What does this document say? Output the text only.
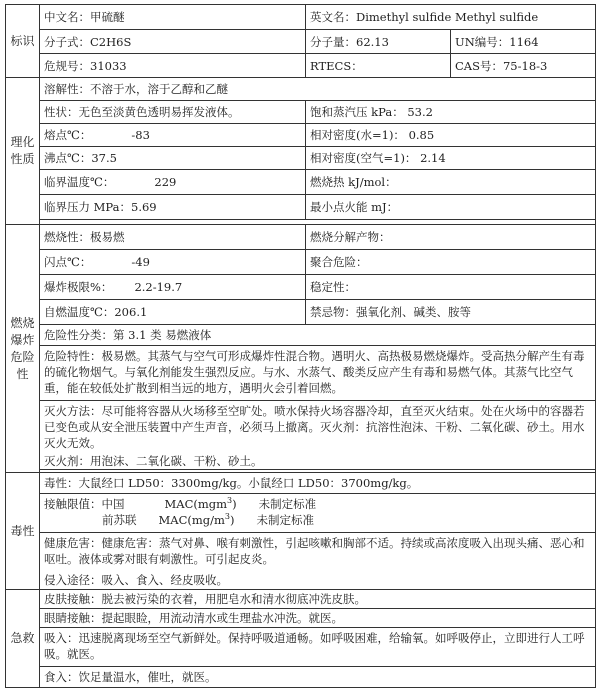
标识	中文名：甲硫醚	英文名：Dimethyl sulfide Methyl sulfide	
	分子式：C2H6S	分子量：62.13	UN编号：1164
	危规号：31033	RTECS：	CAS号：75-18-3
理化性质	溶解性：不溶于水，溶于乙醇和乙醚		
	性状：无色至淡黄色透明易挥发液体。	饱和蒸汽压 kPa： 53.2	
	熔点℃： -83	相对密度(水=1)： 0.85	
	沸点℃：37.5	相对密度(空气=1)： 2.14	
	临界温度℃： 229	燃烧热 kJ/mol：	
	临界压力 MPa：5.69	最小点火能 mJ：	

燃烧爆炸危险性	燃烧性：极易燃	燃烧分解产物：	
	闪点℃： -49	聚合危险：	
	爆炸极限%： 2.2-19.7	稳定性：	
	自燃温度℃：206.1	禁忌物：强氧化剂、碱类、胺等	
	危险性分类：第 3.1 类 易燃液体		
	危险特性：极易燃。其蒸气与空气可形成爆炸性混合物。遇明火、高热极易燃烧爆炸。受高热分解产生有毒的硫化物烟气。与氧化剂能发生强烈反应。与水、水蒸气、酸类反应产生有毒和易燃气体。其蒸气比空气重，能在较低处扩散到相当远的地方，遇明火会引着回燃。		
	灭火方法：尽可能将容器从火场移至空旷处。喷水保持火场容器冷却，直至灭火结束。处在火场中的容器若已变色或从安全泄压装置中产生声音，必须马上撤离。灭火剂：抗溶性泡沫、干粉、二氧化碳、砂土。用水灭火无效。		
	灭火剂：用泡沫、二氧化碳、干粉、砂土。		

毒性	毒性：大鼠经口 LD50：3300mg/kg。小鼠经口 LD50：3700mg/kg。		

	接触限值：中国 MAC(mgm$^3$) 未制定标准
前苏联 $MAC(mg/m^3)$ 未制定标准		

	健康危害：健康危害：蒸气对鼻、喉有刺激性，引起咳嗽和胸部不适。持续或高浓度吸入出现头痛、恶心和呕吐。液体或雾对眼有刺激性。可引起皮炎。		
	侵入途径：吸入、食入、经皮吸收。		
急救	皮肤接触：脱去被污染的衣着，用肥皂水和清水彻底冲洗皮肤。		
	眼睛接触：提起眼睑，用流动清水或生理盐水冲洗。就医。		
	吸入：迅速脱离现场至空气新鲜处。保持呼吸道通畅。如呼吸困难，给输氧。如呼吸停止，立即进行人工呼吸。就医。		
	食入：饮足量温水，催吐，就医。		
